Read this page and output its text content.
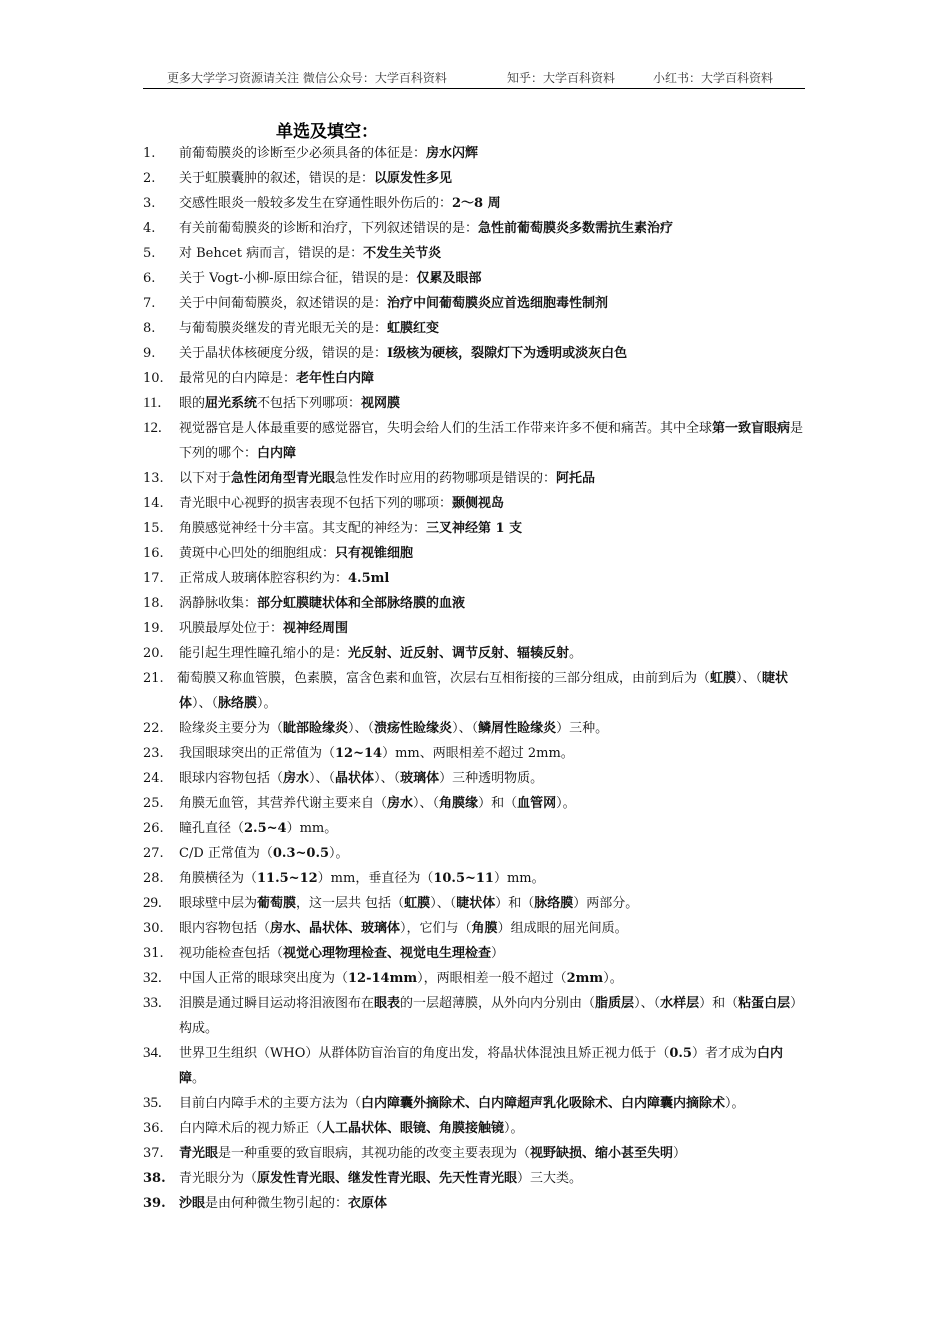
更多大学学习资源请关注 微信公众号：大学百科资料	知乎：大学百科资料	小红书：大学百科资料
单选及填空：
1.	前葡萄膜炎的诊断至少必须具备的体征是：房水闪辉
2.	关于虹膜囊肿的叙述，错误的是：以原发性多见
3.	交感性眼炎一般较多发生在穿通性眼外伤后的：2～8 周
4.	有关前葡萄膜炎的诊断和治疗，下列叙述错误的是：急性前葡萄膜炎多数需抗生素治疗
5.	对 Behcet 病而言，错误的是：不发生关节炎
6.	关于 Vogt-小柳-原田综合征，错误的是：仅累及眼部
7.	关于中间葡萄膜炎，叙述错误的是：治疗中间葡萄膜炎应首选细胞毒性制剂
8.	与葡萄膜炎继发的青光眼无关的是：虹膜红变
9.	关于晶状体核硬度分级，错误的是：Ⅰ级核为硬核，裂隙灯下为透明或淡灰白色
10.	最常见的白内障是：老年性白内障
11.	眼的屈光系统不包括下列哪项：视网膜
12.	视觉器官是人体最重要的感觉器官，失明会给人们的生活工作带来许多不便和痛苦。其中全球第一致盲眼病是下列的哪个：白内障
13.	以下对于急性闭角型青光眼急性发作时应用的药物哪项是错误的：阿托品
14.	青光眼中心视野的损害表现不包括下列的哪项：颞侧视岛
15.	角膜感觉神经十分丰富。其支配的神经为：三叉神经第 1 支
16.	黄斑中心凹处的细胞组成：只有视锥细胞
17.	正常成人玻璃体腔容积约为：4.5ml
18.	涡静脉收集：部分虹膜睫状体和全部脉络膜的血液
19.	巩膜最厚处位于：视神经周围
20.	能引起生理性瞳孔缩小的是：光反射、近反射、调节反射、辐辏反射。
21. 葡萄膜又称血管膜，色素膜，富含色素和血管，次层右互相衔接的三部分组成，由前到后为（虹膜）、（睫状体）、（脉络膜）。
22.	睑缘炎主要分为（眦部睑缘炎）、（溃疡性睑缘炎）、（鳞屑性睑缘炎）三种。
23.	我国眼球突出的正常值为（12~14）mm、两眼相差不超过 2mm。
24.	眼球内容物包括（房水）、（晶状体）、（玻璃体）三种透明物质。
25.	角膜无血管，其营养代谢主要来自（房水）、（角膜缘）和（血管网）。
26.	瞳孔直径（2.5~4）mm。
27.	C/D 正常值为（0.3~0.5）。
28.	角膜横径为（11.5~12）mm，垂直径为（10.5~11）mm。
29.	眼球壁中层为葡萄膜，这一层共 包括（虹膜）、（睫状体）和（脉络膜）两部分。
30.	眼内容物包括（房水、晶状体、玻璃体），它们与（角膜）组成眼的屈光间质。
31.	视功能检查包括（视觉心理物理检查、视觉电生理检查）
32.	中国人正常的眼球突出度为（12-14mm），两眼相差一般不超过（2mm）。
33.	泪膜是通过瞬目运动将泪液图布在眼表的一层超薄膜，从外向内分别由（脂质层）、（水样层）和（粘蛋白层）构成。
34.	世界卫生组织（WHO）从群体防盲治盲的角度出发，将晶状体混浊且矫正视力低于（0.5）者才成为白内障。
35.	目前白内障手术的主要方法为（白内障囊外摘除术、白内障超声乳化吸除术、白内障囊内摘除术）。
36.	白内障术后的视力矫正（人工晶状体、眼镜、角膜接触镜）。
37.	青光眼是一种重要的致盲眼病，其视功能的改变主要表现为（视野缺损、缩小甚至失明）
38.	青光眼分为（原发性青光眼、继发性青光眼、先天性青光眼）三大类。
39.	沙眼是由何种微生物引起的：衣原体
